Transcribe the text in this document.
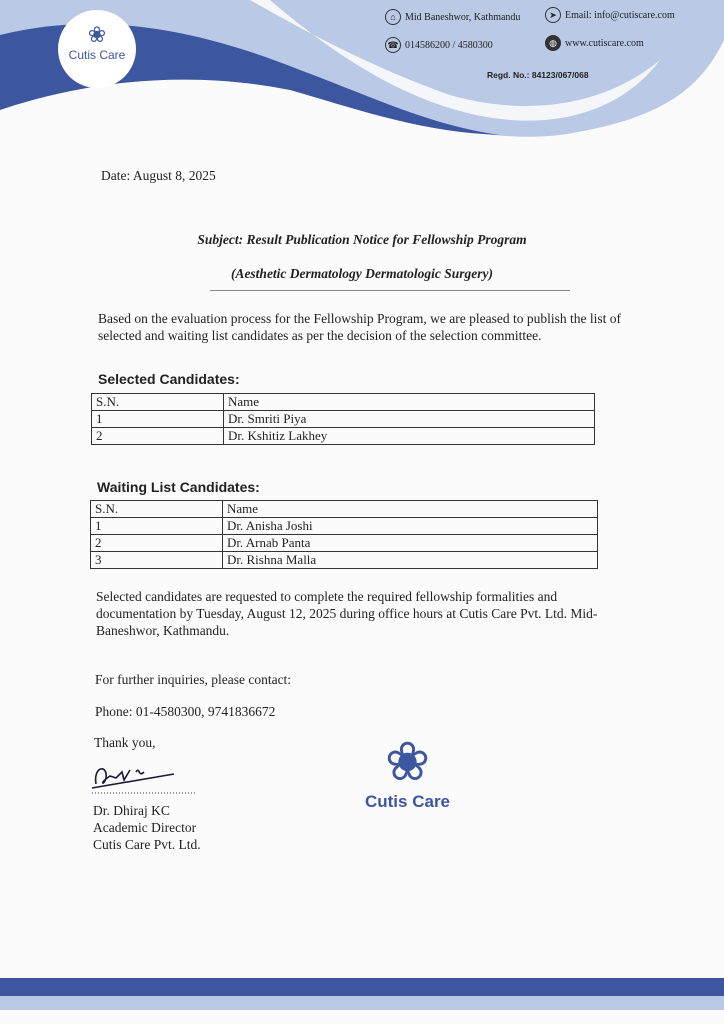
❀
Cutis Care
⌂ Mid Baneshwor, Kathmandu	➤ Email: info@cutiscare.com
☎ 014586200 / 4580300	◍ www.cutiscare.com
Regd. No.: 84123/067/068
Date: August 8, 2025
Subject: Result Publication Notice for Fellowship Program
(Aesthetic Dermatology Dermatologic Surgery)
Based on the evaluation process for the Fellowship Program, we are pleased to publish the list of selected and waiting list candidates as per the decision of the selection committee.
Selected Candidates:
S.N.	Name
1	Dr. Smriti Piya
2	Dr. Kshitiz Lakhey
Waiting List Candidates:
S.N.	Name
1	Dr. Anisha Joshi
2	Dr. Arnab Panta
3	Dr. Rishna Malla
Selected candidates are requested to complete the required fellowship formalities and documentation by Tuesday, August 12, 2025 during office hours at Cutis Care Pvt. Ltd. Mid-Baneshwor, Kathmandu.
For further inquiries, please contact:
Phone: 01-4580300, 9741836672
Thank you,
Dr. Dhiraj KC
Academic Director
Cutis Care Pvt. Ltd.
❀
Cutis Care
